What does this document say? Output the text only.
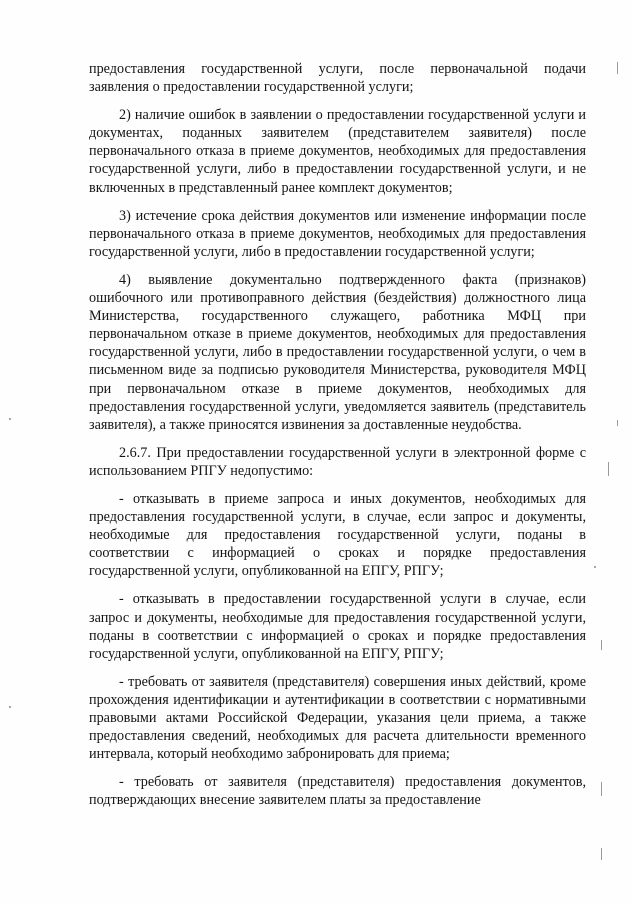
предоставления государственной услуги, после первоначальной подачи заявления о предоставлении государственной услуги;

2) наличие ошибок в заявлении о предоставлении государственной услуги и документах, поданных заявителем (представителем заявителя) после первоначального отказа в приеме документов, необходимых для предоставления государственной услуги, либо в предоставлении государственной услуги, и не включенных в представленный ранее комплект документов;

3) истечение срока действия документов или изменение информации после первоначального отказа в приеме документов, необходимых для предоставления государственной услуги, либо в предоставлении государственной услуги;

4) выявление документально подтвержденного факта (признаков) ошибочного или противоправного действия (бездействия) должностного лица Министерства, государственного служащего, работника МФЦ при первоначальном отказе в приеме документов, необходимых для предоставления государственной услуги, либо в предоставлении государственной услуги, о чем в письменном виде за подписью руководителя Министерства, руководителя МФЦ при первоначальном отказе в приеме документов, необходимых для предоставления государственной услуги, уведомляется заявитель (представитель заявителя), а также приносятся извинения за доставленные неудобства.

2.6.7. При предоставлении государственной услуги в электронной форме с использованием РПГУ недопустимо:

- отказывать в приеме запроса и иных документов, необходимых для предоставления государственной услуги, в случае, если запрос и документы, необходимые для предоставления государственной услуги, поданы в соответствии с информацией о сроках и порядке предоставления государственной услуги, опубликованной на ЕПГУ, РПГУ;

- отказывать в предоставлении государственной услуги в случае, если запрос и документы, необходимые для предоставления государственной услуги, поданы в соответствии с информацией о сроках и порядке предоставления государственной услуги, опубликованной на ЕПГУ, РПГУ;

- требовать от заявителя (представителя) совершения иных действий, кроме прохождения идентификации и аутентификации в соответствии с нормативными правовыми актами Российской Федерации, указания цели приема, а также предоставления сведений, необходимых для расчета длительности временного интервала, который необходимо забронировать для приема;

- требовать от заявителя (представителя) предоставления документов, подтверждающих внесение заявителем платы за предоставление
